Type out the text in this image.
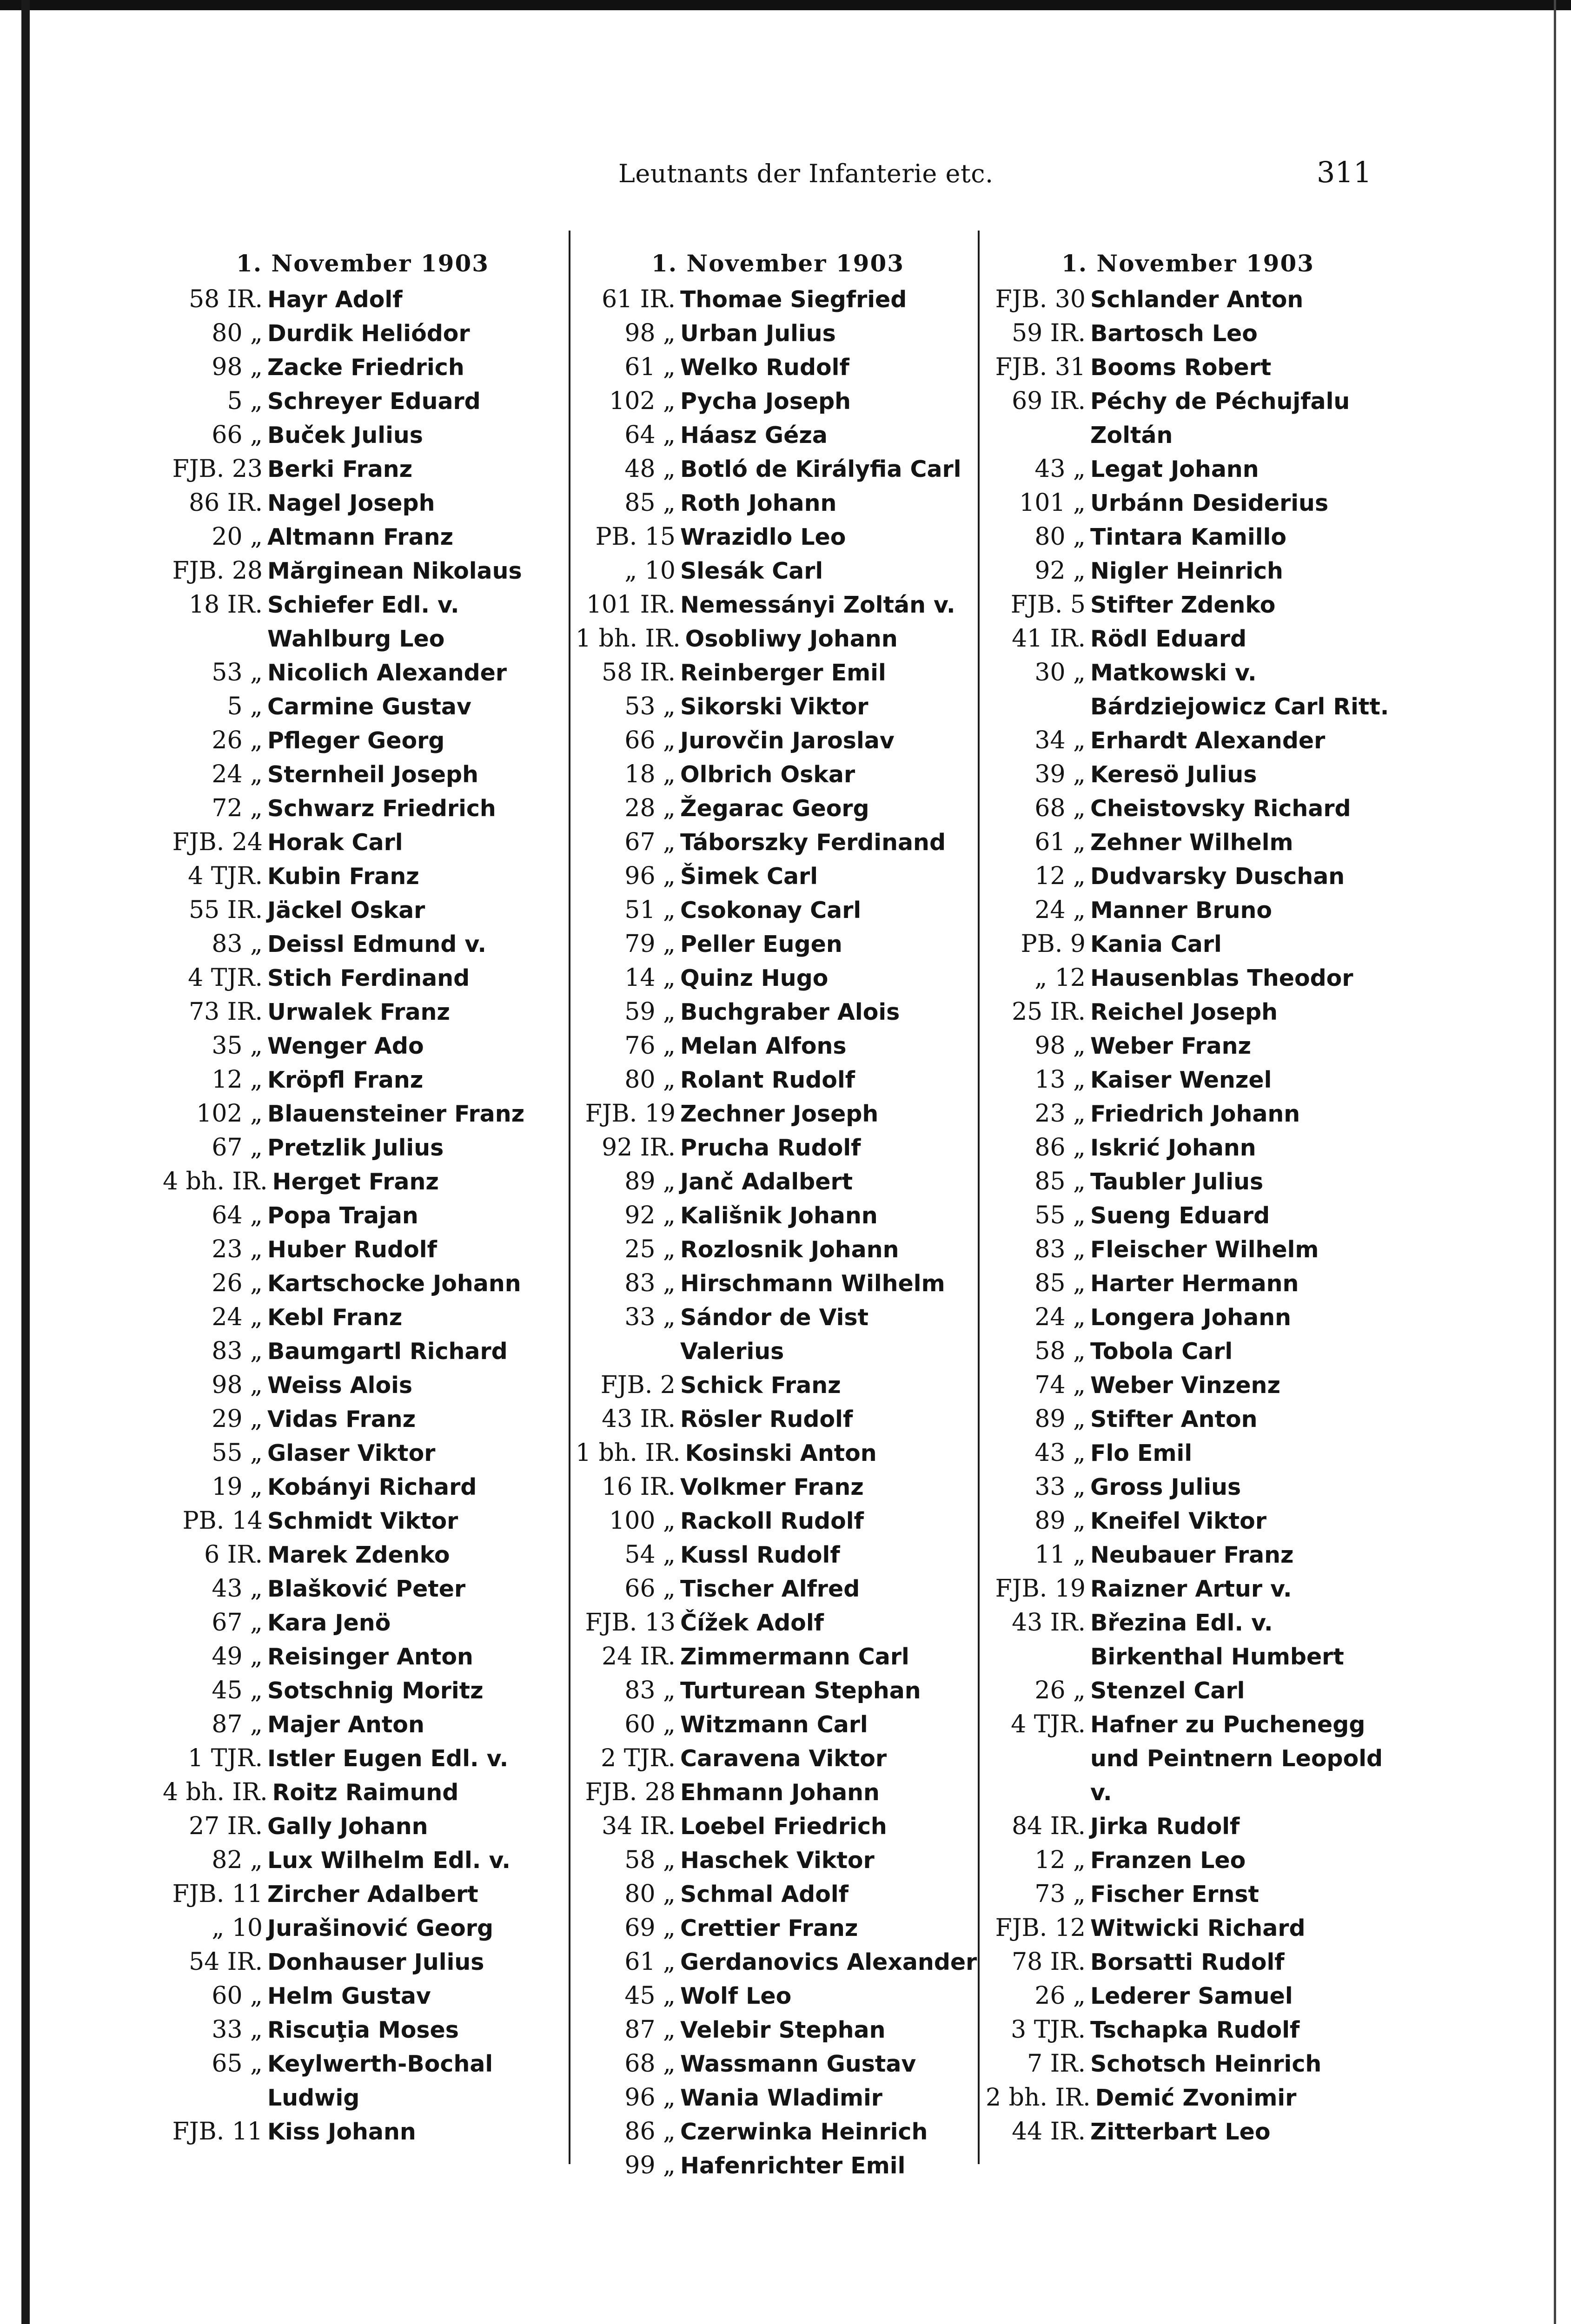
Leutnants der Infanterie etc.	311
1. November 1903
58 IR. Hayr Adolf
80 „ Durdik Heliódor
98 „ Zacke Friedrich
5 „ Schreyer Eduard
66 „ Buček Julius
FJB. 23 Berki Franz
86 IR. Nagel Joseph
20 „ Altmann Franz
FJB. 28 Mărginean Nikolaus
18 IR. Schiefer Edl. v. Wahlburg Leo
53 „ Nicolich Alexander
5 „ Carmine Gustav
26 „ Pfleger Georg
24 „ Sternheil Joseph
72 „ Schwarz Friedrich
FJB. 24 Horak Carl
4 TJR. Kubin Franz
55 IR. Jäckel Oskar
83 „ Deissl Edmund v.
4 TJR. Stich Ferdinand
73 IR. Urwalek Franz
35 „ Wenger Ado
12 „ Kröpfl Franz
102 „ Blauensteiner Franz
67 „ Pretzlik Julius
4 bh. IR. Herget Franz
64 „ Popa Trajan
23 „ Huber Rudolf
26 „ Kartschocke Johann
24 „ Kebl Franz
83 „ Baumgartl Richard
98 „ Weiss Alois
29 „ Vidas Franz
55 „ Glaser Viktor
19 „ Kobányi Richard
PB. 14 Schmidt Viktor
6 IR. Marek Zdenko
43 „ Blašković Peter
67 „ Kara Jenö
49 „ Reisinger Anton
45 „ Sotschnig Moritz
87 „ Majer Anton
1 TJR. Istler Eugen Edl. v.
4 bh. IR. Roitz Raimund
27 IR. Gally Johann
82 „ Lux Wilhelm Edl. v.
FJB. 11 Zircher Adalbert
„ 10 Jurašinović Georg
54 IR. Donhauser Julius
60 „ Helm Gustav
33 „ Riscuţia Moses
65 „ Keylwerth-Bochal Ludwig
FJB. 11 Kiss Johann
1. November 1903
61 IR. Thomae Siegfried
98 „ Urban Julius
61 „ Welko Rudolf
102 „ Pycha Joseph
64 „ Háasz Géza
48 „ Botló de Királyfia Carl
85 „ Roth Johann
PB. 15 Wrazidlo Leo
„ 10 Slesák Carl
101 IR. Nemessányi Zoltán v.
1 bh. IR. Osobliwy Johann
58 IR. Reinberger Emil
53 „ Sikorski Viktor
66 „ Jurovčin Jaroslav
18 „ Olbrich Oskar
28 „ Žegarac Georg
67 „ Táborszky Ferdinand
96 „ Šimek Carl
51 „ Csokonay Carl
79 „ Peller Eugen
14 „ Quinz Hugo
59 „ Buchgraber Alois
76 „ Melan Alfons
80 „ Rolant Rudolf
FJB. 19 Zechner Joseph
92 IR. Prucha Rudolf
89 „ Janč Adalbert
92 „ Kališnik Johann
25 „ Rozlosnik Johann
83 „ Hirschmann Wilhelm
33 „ Sándor de Vist Valerius
FJB. 2 Schick Franz
43 IR. Rösler Rudolf
1 bh. IR. Kosinski Anton
16 IR. Volkmer Franz
100 „ Rackoll Rudolf
54 „ Kussl Rudolf
66 „ Tischer Alfred
FJB. 13 Čížek Adolf
24 IR. Zimmermann Carl
83 „ Turturean Stephan
60 „ Witzmann Carl
2 TJR. Caravena Viktor
FJB. 28 Ehmann Johann
34 IR. Loebel Friedrich
58 „ Haschek Viktor
80 „ Schmal Adolf
69 „ Crettier Franz
61 „ Gerdanovics Alexander
45 „ Wolf Leo
87 „ Velebir Stephan
68 „ Wassmann Gustav
96 „ Wania Wladimir
86 „ Czerwinka Heinrich
99 „ Hafenrichter Emil
1. November 1903
FJB. 30 Schlander Anton
59 IR. Bartosch Leo
FJB. 31 Booms Robert
69 IR. Péchy de Péchujfalu Zoltán
43 „ Legat Johann
101 „ Urbánn Desiderius
80 „ Tintara Kamillo
92 „ Nigler Heinrich
FJB. 5 Stifter Zdenko
41 IR. Rödl Eduard
30 „ Matkowski v. Bárdziejowicz Carl Ritt.
34 „ Erhardt Alexander
39 „ Keresö Julius
68 „ Cheistovsky Richard
61 „ Zehner Wilhelm
12 „ Dudvarsky Duschan
24 „ Manner Bruno
PB. 9 Kania Carl
„ 12 Hausenblas Theodor
25 IR. Reichel Joseph
98 „ Weber Franz
13 „ Kaiser Wenzel
23 „ Friedrich Johann
86 „ Iskrić Johann
85 „ Taubler Julius
55 „ Sueng Eduard
83 „ Fleischer Wilhelm
85 „ Harter Hermann
24 „ Longera Johann
58 „ Tobola Carl
74 „ Weber Vinzenz
89 „ Stifter Anton
43 „ Flo Emil
33 „ Gross Julius
89 „ Kneifel Viktor
11 „ Neubauer Franz
FJB. 19 Raizner Artur v.
43 IR. Březina Edl. v. Birkenthal Humbert
26 „ Stenzel Carl
4 TJR. Hafner zu Puchenegg und Peintnern Leopold v.
84 IR. Jirka Rudolf
12 „ Franzen Leo
73 „ Fischer Ernst
FJB. 12 Witwicki Richard
78 IR. Borsatti Rudolf
26 „ Lederer Samuel
3 TJR. Tschapka Rudolf
7 IR. Schotsch Heinrich
2 bh. IR. Demić Zvonimir
44 IR. Zitterbart Leo
